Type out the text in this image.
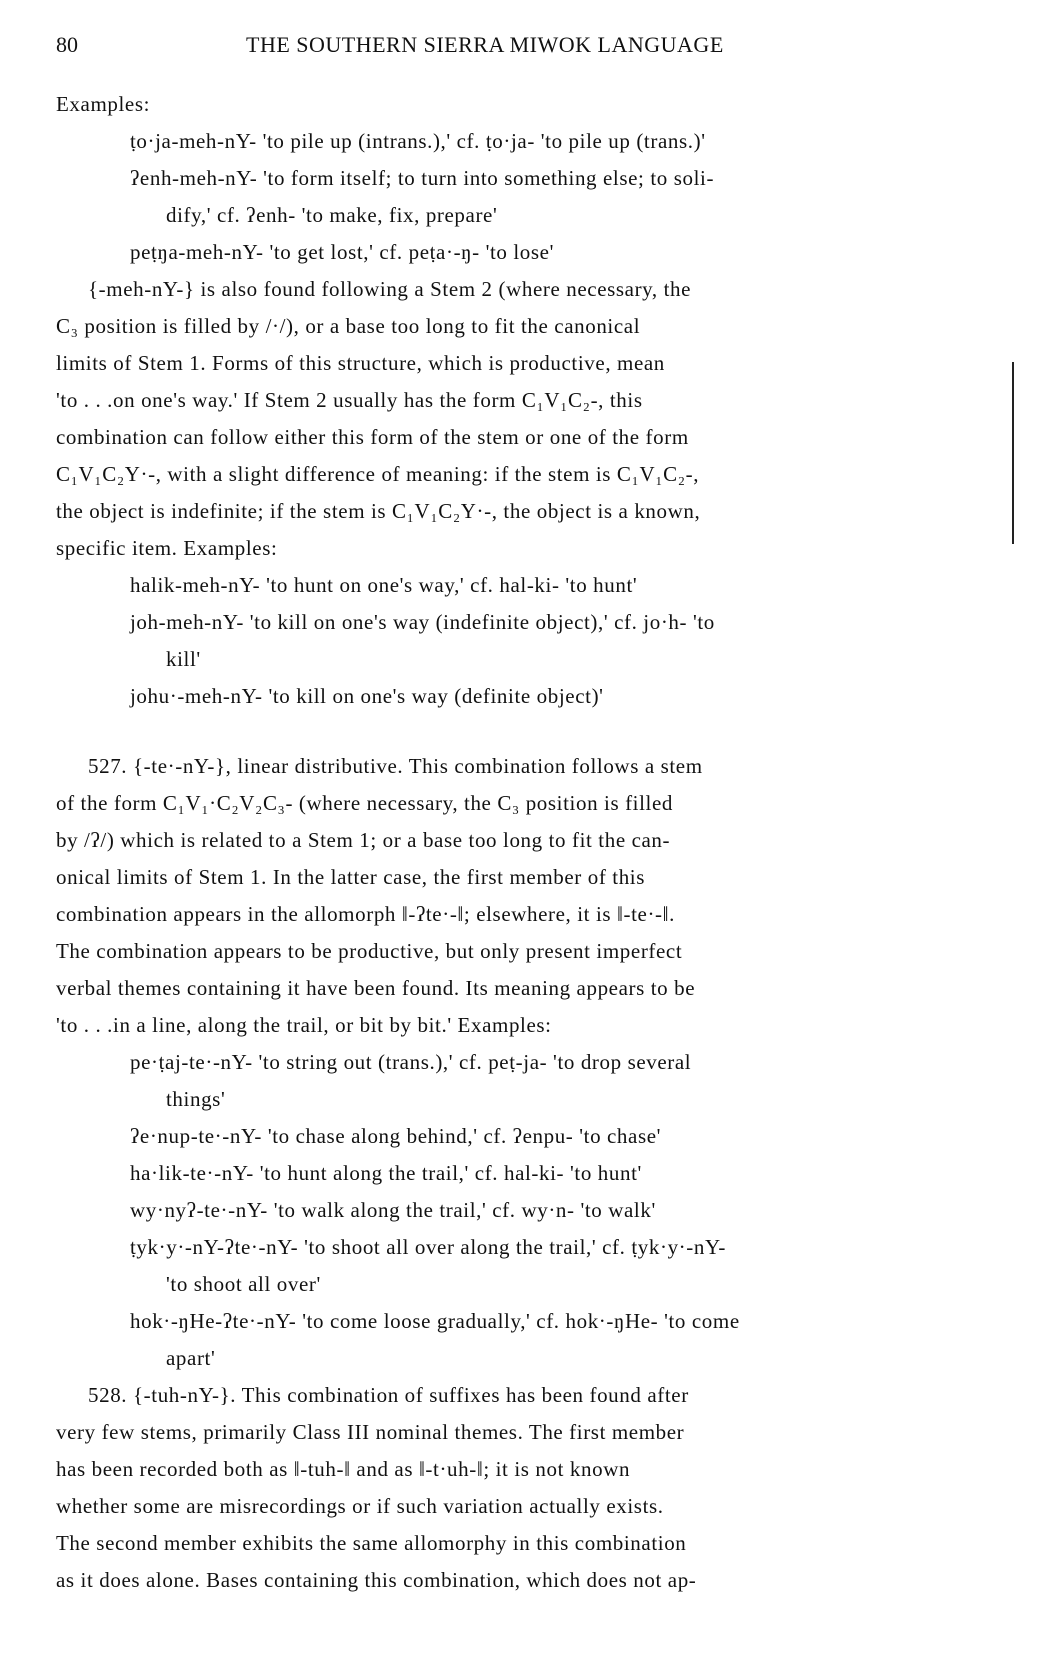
80	THE SOUTHERN SIERRA MIWOK LANGUAGE
Examples:
ṭo·ja-meh-nY- 'to pile up (intrans.),' cf. ṭo·ja- 'to pile up (trans.)'
ʔenh-meh-nY- 'to form itself; to turn into something else; to soli-
dify,' cf. ʔenh- 'to make, fix, prepare'
peṭŋa-meh-nY- 'to get lost,' cf. peṭa·-ŋ- 'to lose'
{-meh-nY-} is also found following a Stem 2 (where necessary, the
C₃ position is filled by /·/), or a base too long to fit the canonical
limits of Stem 1. Forms of this structure, which is productive, mean
'to . . .on one's way.' If Stem 2 usually has the form C₁V₁C₂-, this
combination can follow either this form of the stem or one of the form
C₁V₁C₂Y·-, with a slight difference of meaning: if the stem is C₁V₁C₂-,
the object is indefinite; if the stem is C₁V₁C₂Y·-, the object is a known,
specific item. Examples:
halik-meh-nY- 'to hunt on one's way,' cf. hal-ki- 'to hunt'
joh-meh-nY- 'to kill on one's way (indefinite object),' cf. jo·h- 'to
kill'
johu·-meh-nY- 'to kill on one's way (definite object)'
527. {-te·-nY-}, linear distributive. This combination follows a stem
of the form C₁V₁·C₂V₂C₃- (where necessary, the C₃ position is filled
by /ʔ/) which is related to a Stem 1; or a base too long to fit the can-
onical limits of Stem 1. In the latter case, the first member of this
combination appears in the allomorph ‖-ʔte·-‖; elsewhere, it is ‖-te·-‖.
The combination appears to be productive, but only present imperfect
verbal themes containing it have been found. Its meaning appears to be
'to . . .in a line, along the trail, or bit by bit.' Examples:
pe·ṭaj-te·-nY- 'to string out (trans.),' cf. peṭ-ja- 'to drop several
things'
ʔe·nup-te·-nY- 'to chase along behind,' cf. ʔenpu- 'to chase'
ha·lik-te·-nY- 'to hunt along the trail,' cf. hal-ki- 'to hunt'
wy·nyʔ-te·-nY- 'to walk along the trail,' cf. wy·n- 'to walk'
ṭyk·y·-nY-ʔte·-nY- 'to shoot all over along the trail,' cf. ṭyk·y·-nY-
'to shoot all over'
hok·-ŋHe-ʔte·-nY- 'to come loose gradually,' cf. hok·-ŋHe- 'to come
apart'
528. {-tuh-nY-}. This combination of suffixes has been found after
very few stems, primarily Class III nominal themes. The first member
has been recorded both as ‖-tuh-‖ and as ‖-t·uh-‖; it is not known
whether some are misrecordings or if such variation actually exists.
The second member exhibits the same allomorphy in this combination
as it does alone. Bases containing this combination, which does not ap-
